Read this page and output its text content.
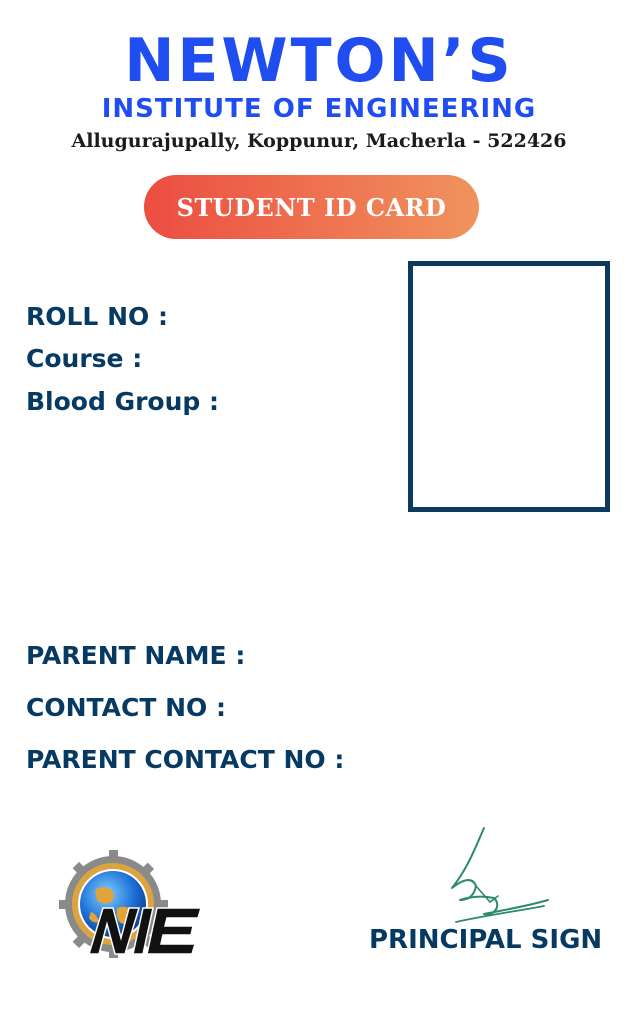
NEWTON’S
INSTITUTE OF ENGINEERING
Allugurajupally, Koppunur, Macherla - 522426
STUDENT ID CARD
ROLL NO :
Course :
Blood Group :
PARENT NAME :
CONTACT NO :
PARENT CONTACT NO :
PRINCIPAL SIGN
